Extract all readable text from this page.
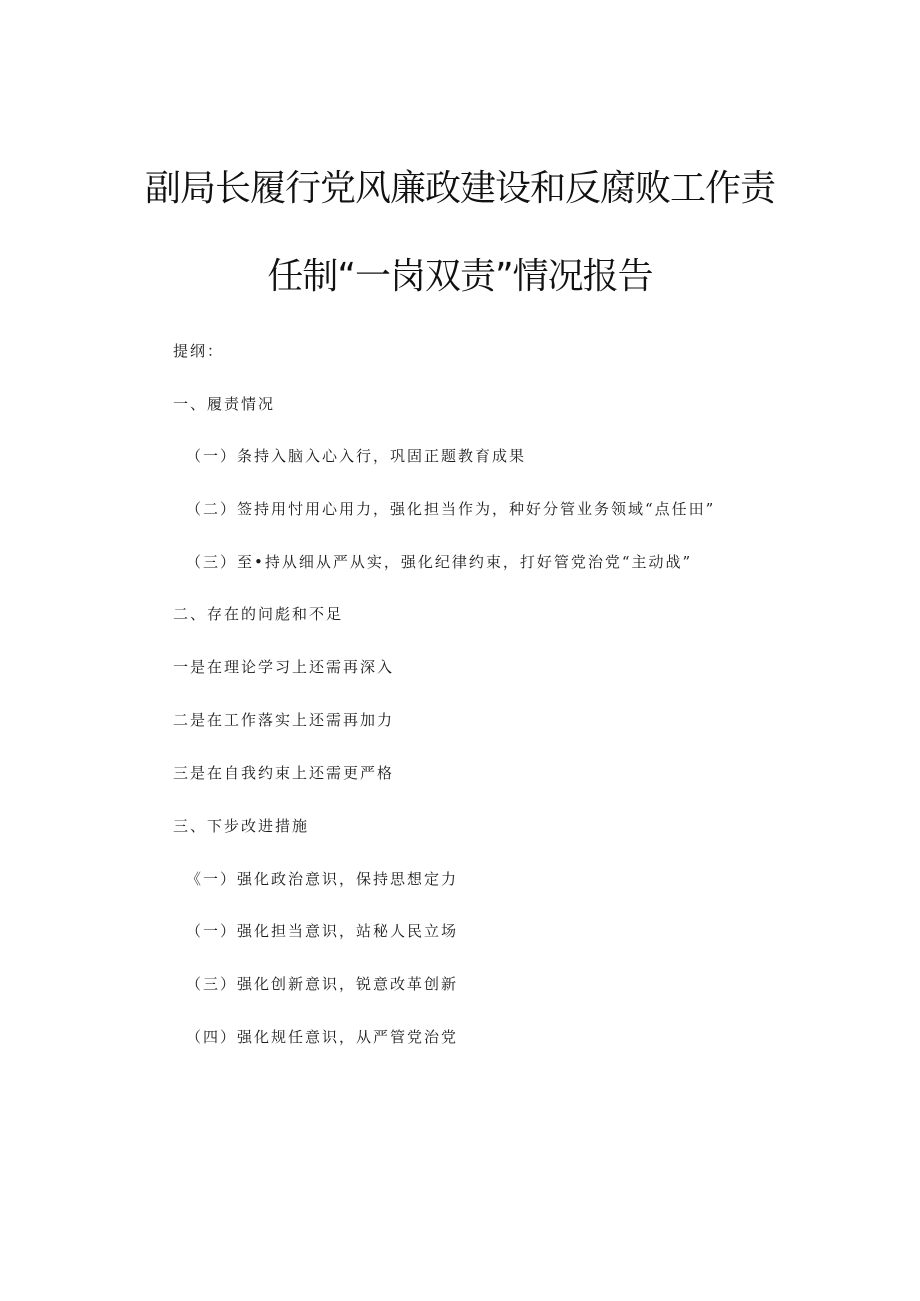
副局长履行党风廉政建设和反腐败工作责
任制“一岗双责”情况报告
提纲：
一、履责情况
（一）条持入脑入心入行，巩固正题教育成果
（二）签持用忖用心用力，强化担当作为，种好分管业务领域“点任田”
（三）至•持从细从严从实，强化纪律约束，打好管党治党“主动战”
二、存在的问彪和不足
一是在理论学习上还需再深入
二是在工作落实上还需再加力
三是在自我约束上还需更严格
三、下步改进措施
《一）强化政治意识，保持思想定力
（一）强化担当意识，站秘人民立场
（三）强化创新意识，锐意改革创新
（四）强化规任意识，从严管党治党
